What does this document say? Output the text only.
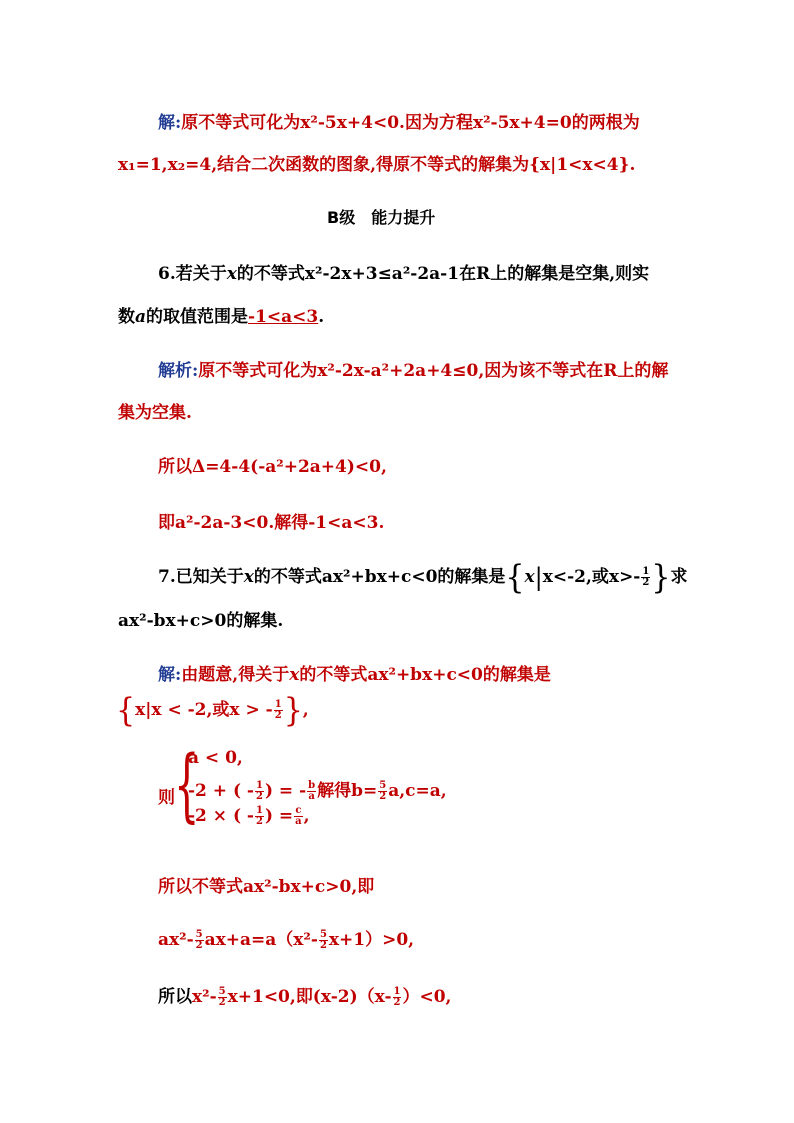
解:原不等式可化为x²-5x+4<0.因为方程x²-5x+4=0的两根为
x₁=1,x₂=4,结合二次函数的图象,得原不等式的解集为{x|1<x<4}.
B级　能力提升
6.若关于x的不等式x²-2x+3≤a²-2a-1在R上的解集是空集,则实
数a的取值范围是-1<a<3.
解析:原不等式可化为x²-2x-a²+2a+4≤0,因为该不等式在R上的解
集为空集.
所以Δ=4-4(-a²+2a+4)<0,
即a²-2a-3<0.解得-1<a<3.
7.已知关于x的不等式ax²+bx+c<0的解集是{x|x<-2,或$x>- \frac{1}{2}$ }求
ax²-bx+c>0的解集.
解:由题意,得关于x的不等式ax²+bx+c<0的解集是
{x|x < -2,或x > - $\frac{1}{2}$ },
则 {
a < 0,
-2 + ( - $\frac{1}{2}$ ) = - $\frac{b}{a}$ 解得$b= \frac{5}{2} a,c=a$,
-2 × ( - $\frac{1}{2}$ ) = $\frac{c}{a}$ ,
所以不等式ax²-bx+c>0,即
$ax^2- \frac{5}{2} ax+a=a(x^2- \frac{5}{2} x+1)>0$,
所以$x^2- \frac{5}{2} x+1<0$,即$(x-2)(x- \frac{1}{2} )<0$,
